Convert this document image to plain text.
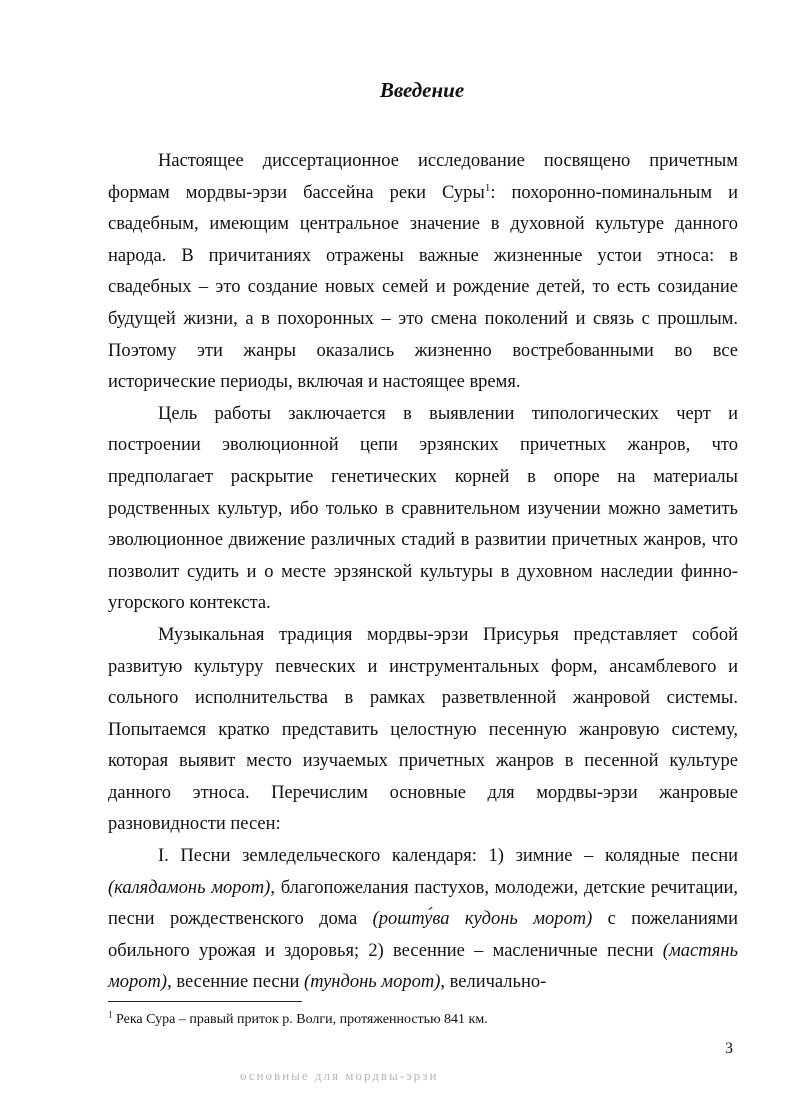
Введение

Настоящее диссертационное исследование посвящено причетным формам мордвы-эрзи бассейна реки Суры$^1$: похоронно-поминальным и свадебным, имеющим центральное значение в духовной культуре данного народа. В причитаниях отражены важные жизненные устои этноса: в свадебных – это создание новых семей и рождение детей, то есть созидание будущей жизни, а в похоронных – это смена поколений и связь с прошлым. Поэтому эти жанры оказались жизненно востребованными во все исторические периоды, включая и настоящее время.

Цель работы заключается в выявлении типологических черт и построении эволюционной цепи эрзянских причетных жанров, что предполагает раскрытие генетических корней в опоре на материалы родственных культур, ибо только в сравнительном изучении можно заметить эволюционное движение различных стадий в развитии причетных жанров, что позволит судить и о месте эрзянской культуры в духовном наследии финно-угорского контекста.

Музыкальная традиция мордвы-эрзи Присурья представляет собой развитую культуру певческих и инструментальных форм, ансамблевого и сольного исполнительства в рамках разветвленной жанровой системы. Попытаемся кратко представить целостную песенную жанровую систему, которая выявит место изучаемых причетных жанров в песенной культуре данного этноса. Перечислим основные для мордвы-эрзи жанровые разновидности песен:

I. Песни земледельческого календаря: 1) зимние – колядные песни (калядамонь морот), благопожелания пастухов, молодежи, детские речитации, песни рождественского дома (рошту́ва кудонь морот) с пожеланиями обильного урожая и здоровья; 2) весенние – масленичные песни (мастянь морот), весенние песни (тундонь морот), величально-

$^1$ Река Сура – правый приток р. Волги, протяженностью 841 км.

3

основные для мордвы-эрзи
